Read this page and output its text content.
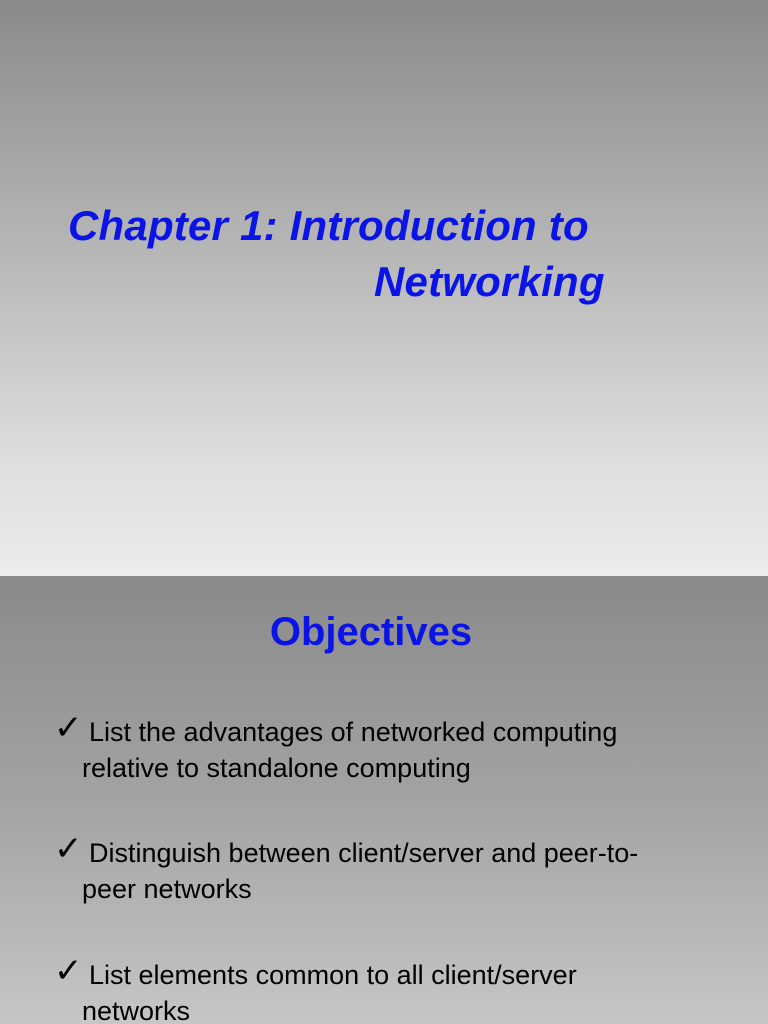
Chapter 1: Introduction to
Networking
Objectives
✓ List the advantages of networked computing
relative to standalone computing
✓ Distinguish between client/server and peer-to-
peer networks
✓ List elements common to all client/server
networks
